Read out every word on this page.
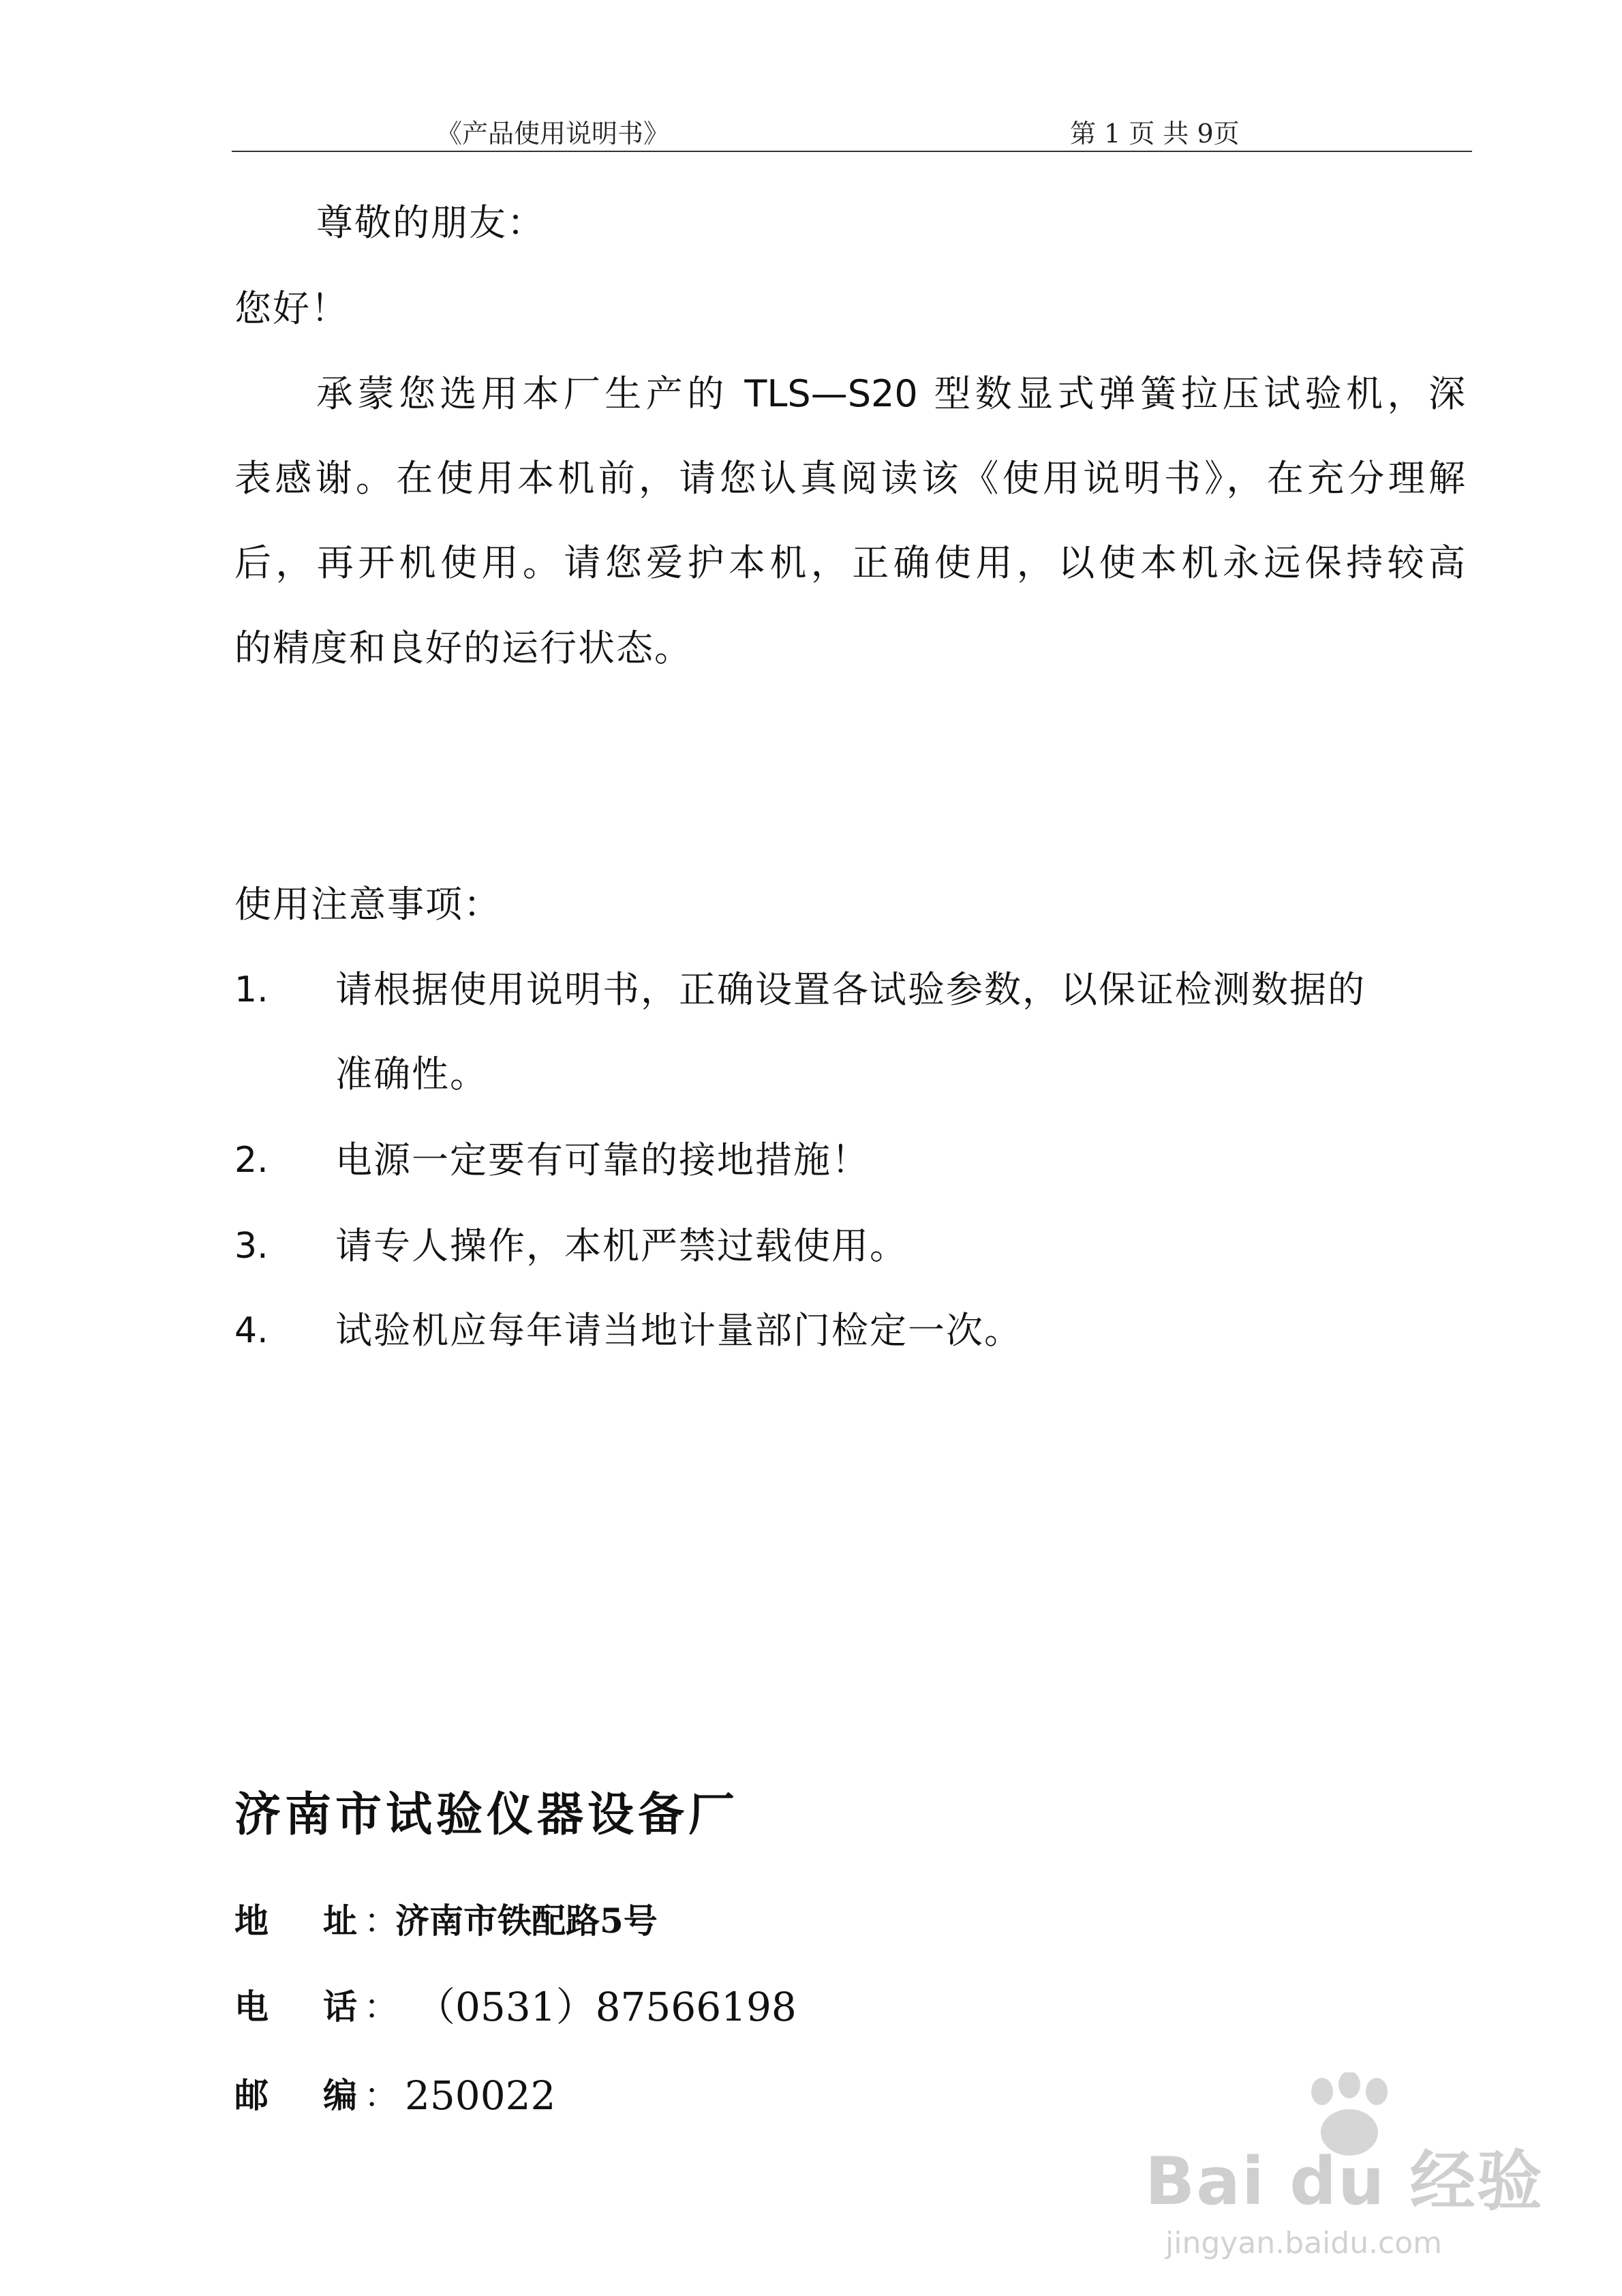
《产品使用说明书》	第 1 页 共 9页
尊敬的朋友：
您好！
承蒙您选用本厂生产的 TLS—S20 型数显式弹簧拉压试验机，深
表感谢。在使用本机前，请您认真阅读该《使用说明书》，在充分理解
后，再开机使用。请您爱护本机，正确使用，以使本机永远保持较高
的精度和良好的运行状态。
使用注意事项：
1. 请根据使用说明书，正确设置各试验参数，以保证检测数据的
准确性。
2. 电源一定要有可靠的接地措施！
3. 请专人操作，本机严禁过载使用。
4. 试验机应每年请当地计量部门检定一次。
济南市试验仪器设备厂
地 址 ：
济南市铁配路5号
电 话 ： （0531）87566198
邮 编 ： 250022
Bai du 经验
jingyan.baidu.com
